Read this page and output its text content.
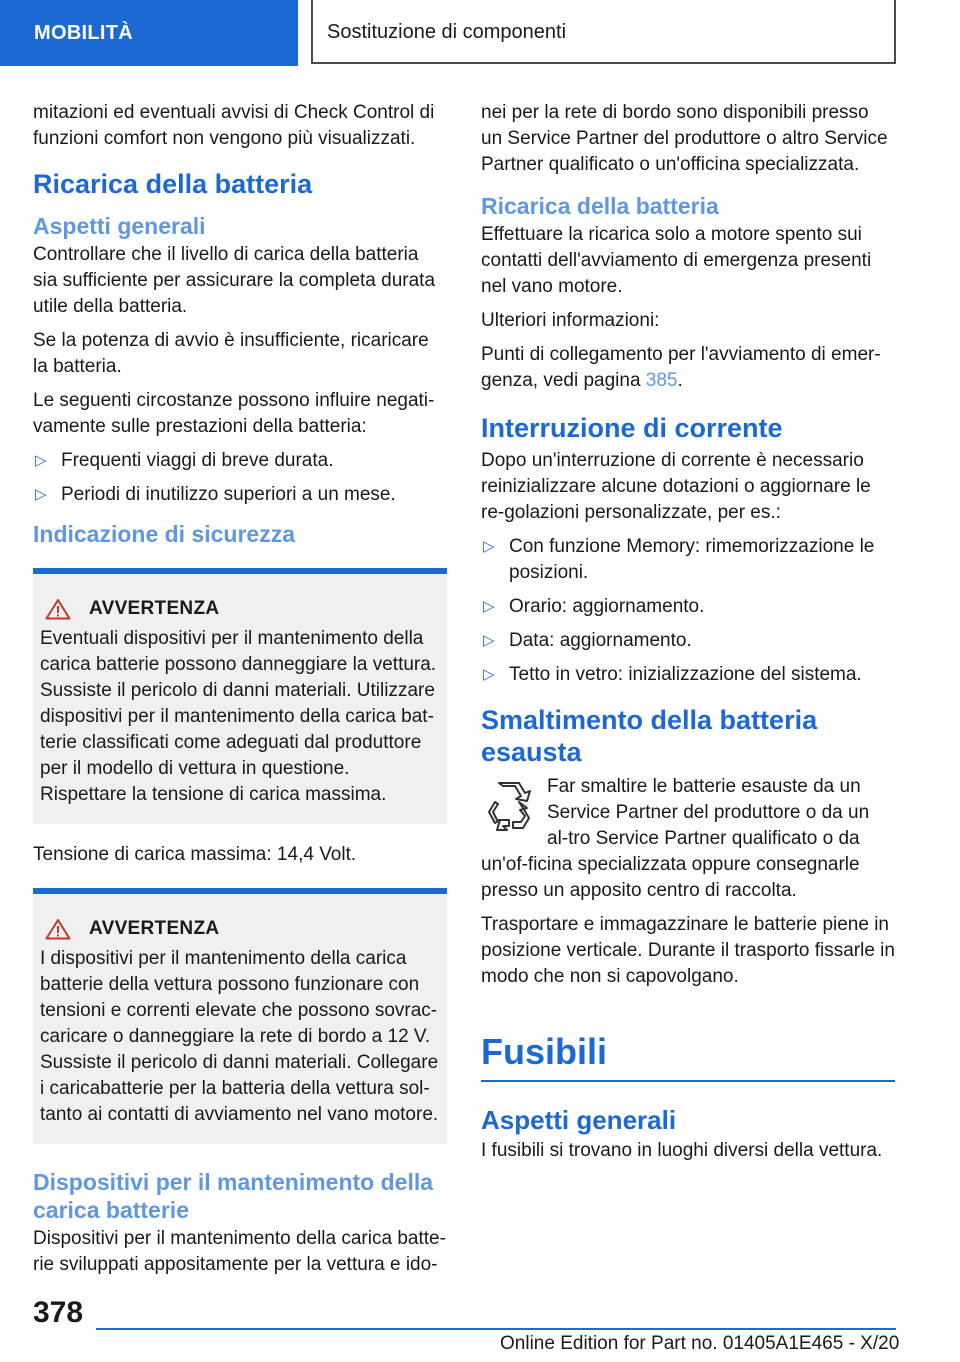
MOBILITÀ	Sostituzione di componenti

mitazioni ed eventuali avvisi di Check Control di funzioni comfort non vengono più visualizzati.

Ricarica della batteria
Aspetti generali

Controllare che il livello di carica della batteria sia sufficiente per assicurare la completa durata utile della batteria.

Se la potenza di avvio è insufficiente, ricaricare la batteria.

Le seguenti circostanze possono influire negati-vamente sulle prestazioni della batteria:

▷ Frequenti viaggi di breve durata.
▷ Periodi di inutilizzo superiori a un mese.
Indicazione di sicurezza
AVVERTENZA

Eventuali dispositivi per il mantenimento della carica batterie possono danneggiare la vettura. Sussiste il pericolo di danni materiali. Utilizzare dispositivi per il mantenimento della carica bat-terie classificati come adeguati dal produttore per il modello di vettura in questione. Rispettare la tensione di carica massima.

Tensione di carica massima: 14,4 Volt.

AVVERTENZA

I dispositivi per il mantenimento della carica batterie della vettura possono funzionare con tensioni e correnti elevate che possono sovrac-caricare o danneggiare la rete di bordo a 12 V. Sussiste il pericolo di danni materiali. Collegare i caricabatterie per la batteria della vettura sol-tanto ai contatti di avviamento nel vano motore.

Dispositivi per il mantenimento della carica batterie

Dispositivi per il mantenimento della carica batte-rie sviluppati appositamente per la vettura e ido-

nei per la rete di bordo sono disponibili presso un Service Partner del produttore o altro Service Partner qualificato o un'officina specializzata.

Ricarica della batteria

Effettuare la ricarica solo a motore spento sui contatti dell'avviamento di emergenza presenti nel vano motore.

Ulteriori informazioni:

Punti di collegamento per l'avviamento di emer-genza, vedi pagina 385.

Interruzione di corrente

Dopo un'interruzione di corrente è necessario reinizializzare alcune dotazioni o aggiornare le re-golazioni personalizzate, per es.:

▷ Con funzione Memory: rimemorizzazione le posizioni.
▷ Orario: aggiornamento.
▷ Data: aggiornamento.
▷ Tetto in vetro: inizializzazione del sistema.
Smaltimento della batteria esausta

Far smaltire le batterie esauste da un Service Partner del produttore o da un al-tro Service Partner qualificato o da un'of-ficina specializzata oppure consegnarle presso un apposito centro di raccolta.

Trasportare e immagazzinare le batterie piene in posizione verticale. Durante il trasporto fissarle in modo che non si capovolgano.

Fusibili
Aspetti generali

I fusibili si trovano in luoghi diversi della vettura.

378
Online Edition for Part no. 01405A1E465 - X/20
